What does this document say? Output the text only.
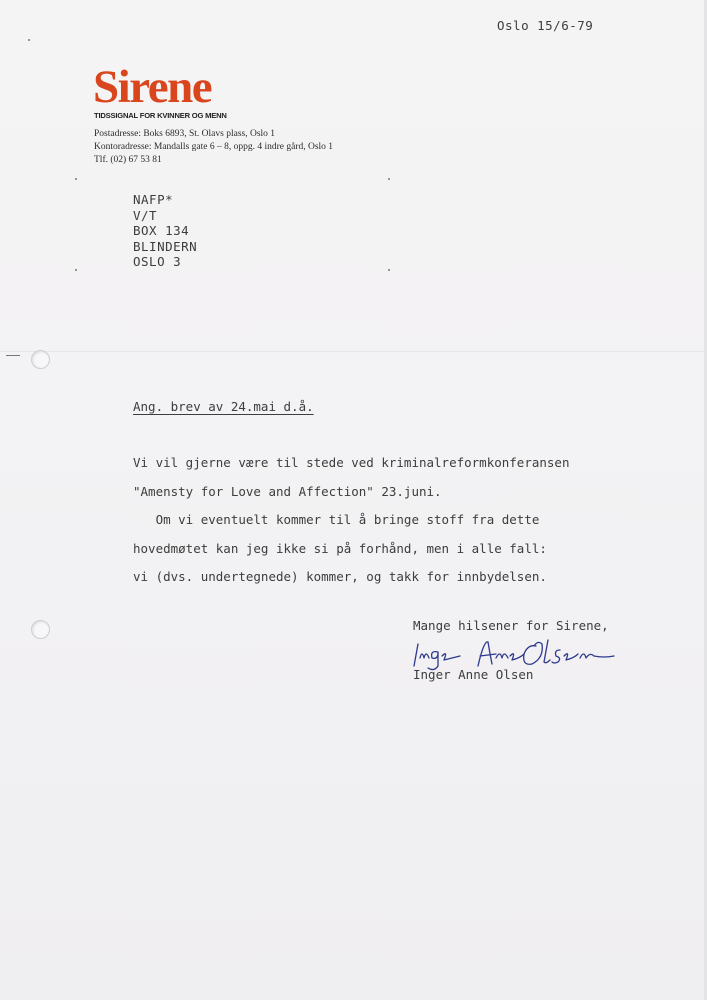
Oslo 15/6-79
Sirene
TIDSSIGNAL FOR KVINNER OG MENN
Postadresse: Boks 6893, St. Olavs plass, Oslo 1
Kontoradresse: Mandalls gate 6 – 8, oppg. 4 indre gård, Oslo 1
Tlf. (02) 67 53 81
NAFP*
V/T
BOX 134
BLINDERN
OSLO 3
Ang. brev av 24.mai d.å.
Vi vil gjerne være til stede ved kriminalreformkonferansen
"Amensty for Love and Affection" 23.juni.
Om vi eventuelt kommer til å bringe stoff fra dette
hovedmøtet kan jeg ikke si på forhånd, men i alle fall:
vi (dvs. undertegnede) kommer, og takk for innbydelsen.
Mange hilsener for Sirene,
Inger Anne Olsen
